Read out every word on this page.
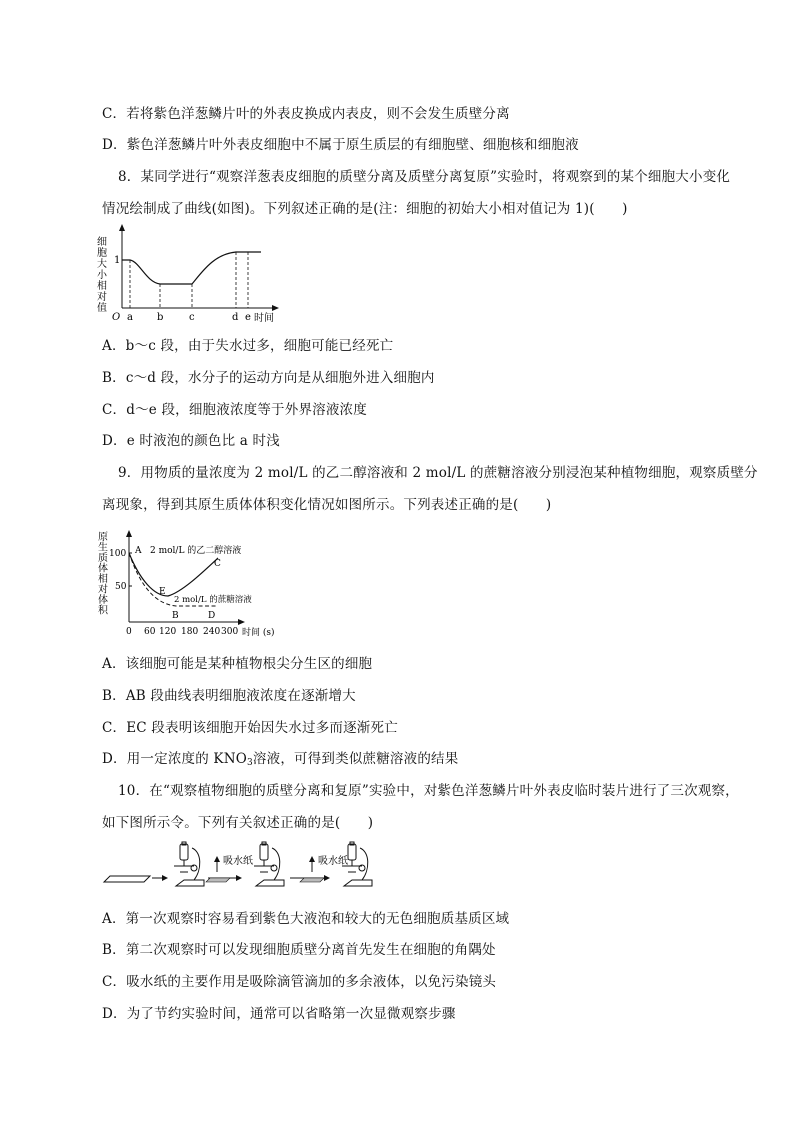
C．若将紫色洋葱鳞片叶的外表皮换成内表皮，则不会发生质壁分离
D．紫色洋葱鳞片叶外表皮细胞中不属于原生质层的有细胞壁、细胞核和细胞液
8．某同学进行“观察洋葱表皮细胞的质壁分离及质壁分离复原”实验时，将观察到的某个细胞大小变化
情况绘制成了曲线(如图)。下列叙述正确的是(注：细胞的初始大小相对值记为 1)(　　)
细胞大小相对值
1
O a b	c	d e 时间
A．b～c 段，由于失水过多，细胞可能已经死亡
B．c～d 段，水分子的运动方向是从细胞外进入细胞内
C．d～e 段，细胞液浓度等于外界溶液浓度
D．e 时液泡的颜色比 a 时浅
9．用物质的量浓度为 2 mol/L 的乙二醇溶液和 2 mol/L 的蔗糖溶液分别浸泡某种植物细胞，观察质壁分
离现象，得到其原生质体体积变化情况如图所示。下列表述正确的是(　　)
原生质体相对体积
100
50
0 60 120 180 240 300 时间 (s)
A
B
C
D
E
2 mol/L 的乙二醇溶液
2 mol/L 的蔗糖溶液
A．该细胞可能是某种植物根尖分生区的细胞
B．AB 段曲线表明细胞液浓度在逐渐增大
C．EC 段表明该细胞开始因失水过多而逐渐死亡
D．用一定浓度的 $KNO_3$溶液，可得到类似蔗糖溶液的结果
10．在“观察植物细胞的质壁分离和复原”实验中，对紫色洋葱鳞片叶外表皮临时装片进行了三次观察，
如下图所示令。下列有关叙述正确的是(　　)
吸水纸	吸水纸
A．第一次观察时容易看到紫色大液泡和较大的无色细胞质基质区域
B．第二次观察时可以发现细胞质壁分离首先发生在细胞的角隅处
C．吸水纸的主要作用是吸除滴管滴加的多余液体，以免污染镜头
D．为了节约实验时间，通常可以省略第一次显微观察步骤
